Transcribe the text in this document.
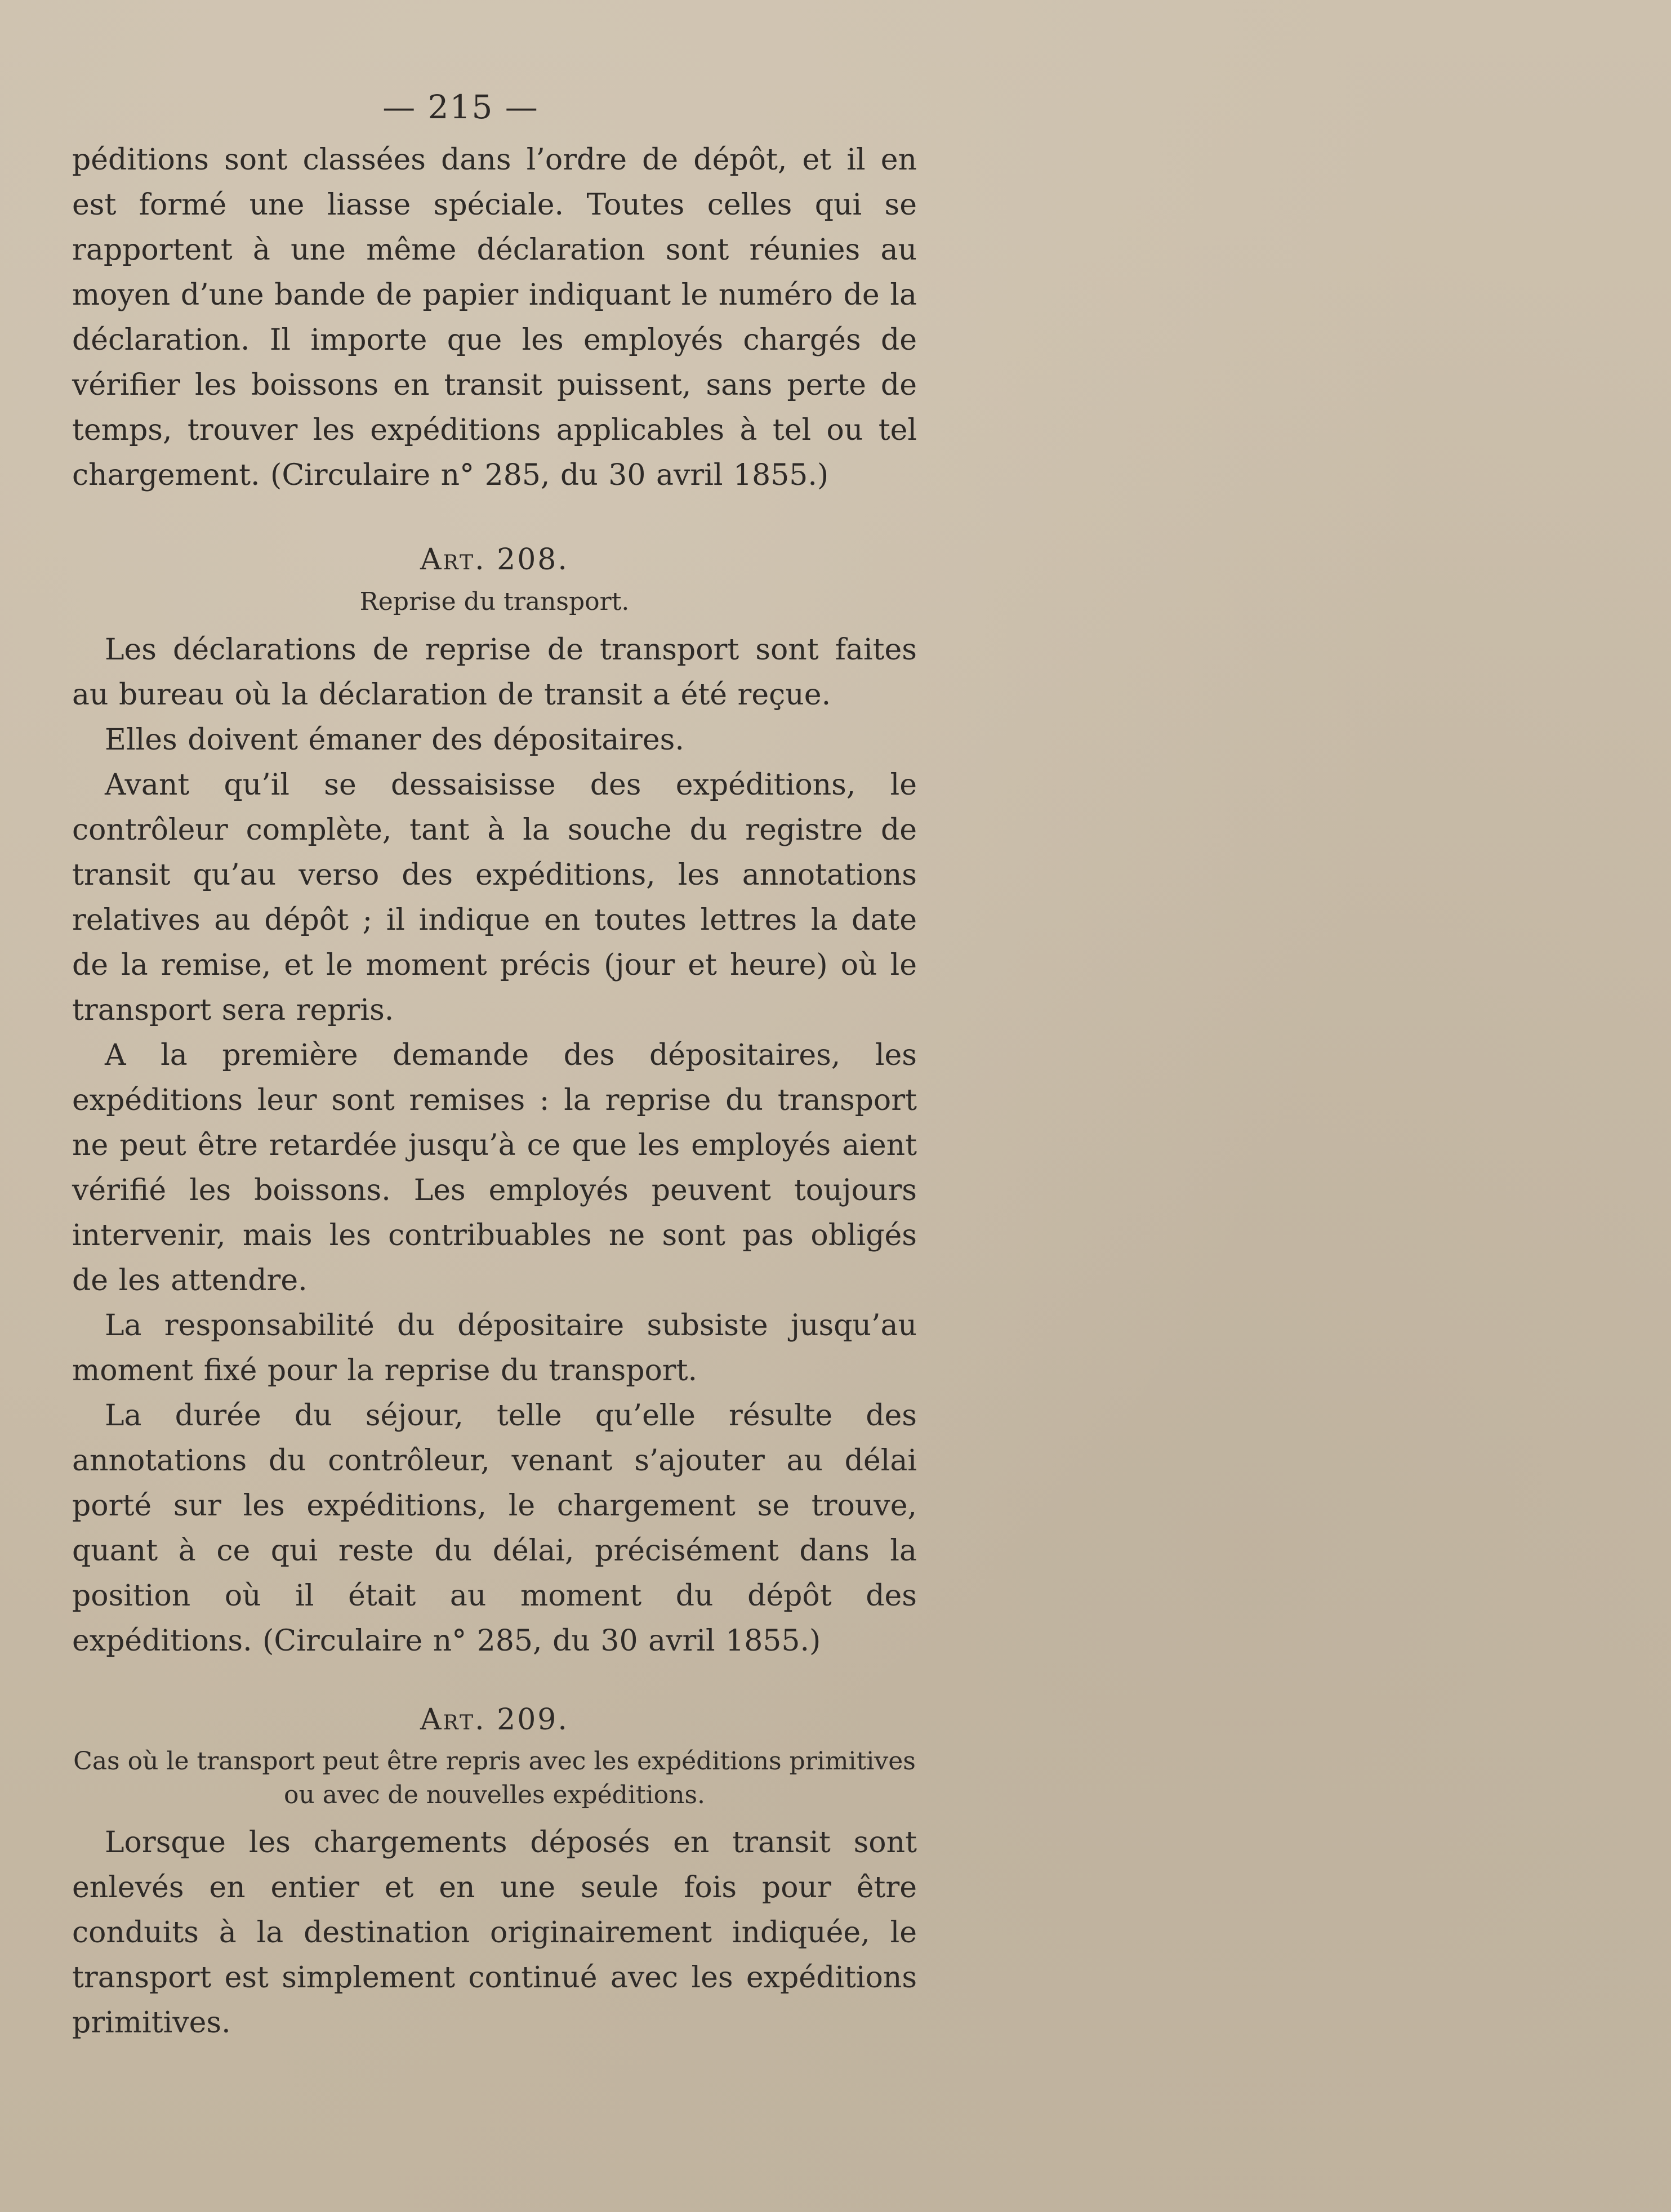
— 215 —

péditions sont classées dans l’ordre de dépôt, et il en est formé une liasse spéciale. Toutes celles qui se rapportent à une même déclaration sont réunies au moyen d’une bande de papier indiquant le numéro de la déclaration. Il importe que les employés chargés de vérifier les boissons en transit puissent, sans perte de temps, trouver les expéditions applicables à tel ou tel chargement. (Circulaire n° 285, du 30 avril 1855.)

Art. 208.
Reprise du transport.

Les déclarations de reprise de transport sont faites au bureau où la déclaration de transit a été reçue.

Elles doivent émaner des dépositaires.

Avant qu’il se dessaisisse des expéditions, le contrôleur complète, tant à la souche du registre de transit qu’au verso des expéditions, les annotations relatives au dépôt ; il indique en toutes lettres la date de la remise, et le moment précis (jour et heure) où le transport sera repris.

A la première demande des dépositaires, les expéditions leur sont remises : la reprise du transport ne peut être retardée jusqu’à ce que les employés aient vérifié les boissons. Les employés peuvent toujours intervenir, mais les contribuables ne sont pas obligés de les attendre.

La responsabilité du dépositaire subsiste jusqu’au moment fixé pour la reprise du transport.

La durée du séjour, telle qu’elle résulte des annotations du contrôleur, venant s’ajouter au délai porté sur les expéditions, le chargement se trouve, quant à ce qui reste du délai, précisément dans la position où il était au moment du dépôt des expéditions. (Circulaire n° 285, du 30 avril 1855.)

Art. 209.
Cas où le transport peut être repris avec les expéditions primitives
ou avec de nouvelles expéditions.

Lorsque les chargements déposés en transit sont enlevés en entier et en une seule fois pour être conduits à la destination originairement indiquée, le transport est simplement continué avec les expéditions primitives.
